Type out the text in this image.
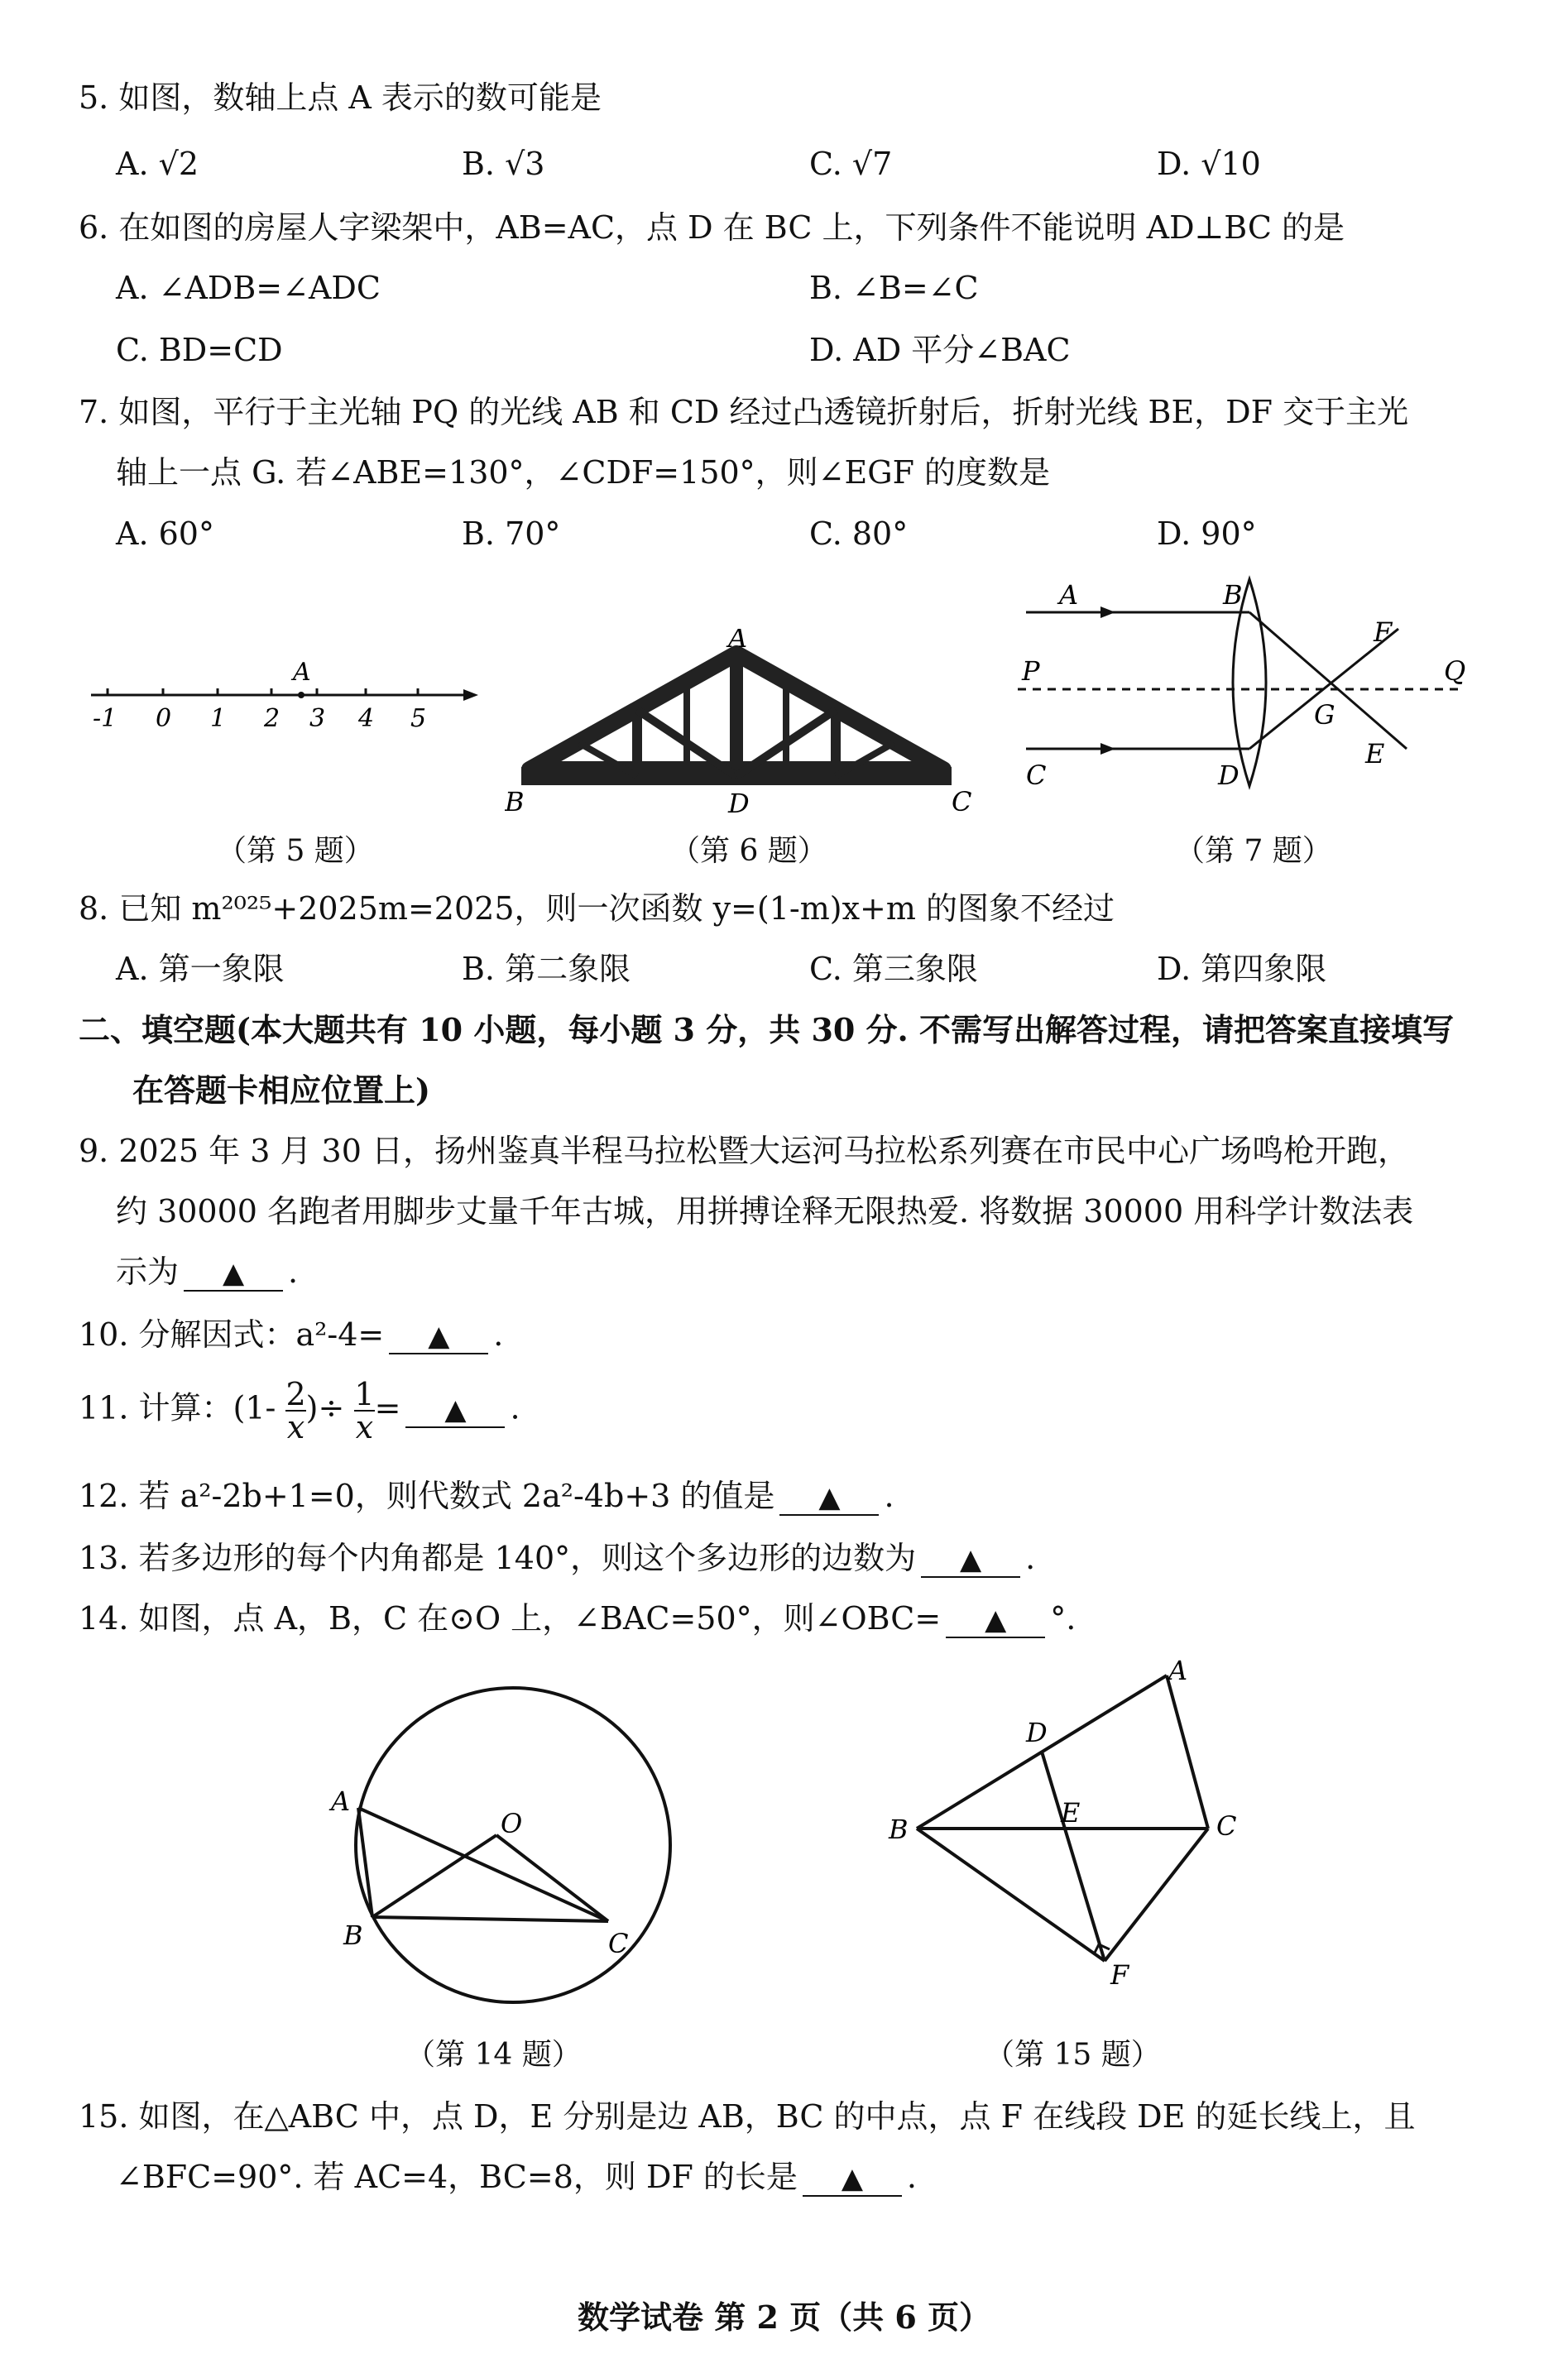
5. 如图，数轴上点 A 表示的数可能是
A. √2	B. √3	C. √7	D. √10
6. 在如图的房屋人字梁架中，AB=AC，点 D 在 BC 上，下列条件不能说明 AD⊥BC 的是
A. ∠ADB=∠ADC	B. ∠B=∠C
C. BD=CD	D. AD 平分∠BAC
7. 如图，平行于主光轴 PQ 的光线 AB 和 CD 经过凸透镜折射后，折射光线 BE，DF 交于主光
轴上一点 G. 若∠ABE=130°，∠CDF=150°，则∠EGF 的度数是
A. 60°	B. 70°	C. 80°	D. 90°
-1 0 1 2 3 4 5
A
（第 5 题）
A
B	C
D
（第 6 题）
A	B
P	Q
F
G
C	D
E
（第 7 题）
8. 已知 m²⁰²⁵+2025m=2025，则一次函数 y=(1-m)x+m 的图象不经过
A. 第一象限	B. 第二象限	C. 第三象限	D. 第四象限
二、填空题(本大题共有 10 小题，每小题 3 分，共 30 分. 不需写出解答过程，请把答案直接填写
在答题卡相应位置上)
9. 2025 年 3 月 30 日，扬州鉴真半程马拉松暨大运河马拉松系列赛在市民中心广场鸣枪开跑，
约 30000 名跑者用脚步丈量千年古城，用拼搏诠释无限热爱. 将数据 30000 用科学计数法表
示为 ▲ .
10. 分解因式：a²-4= ▲ .
11. 计算：($1- \frac{2}{x}$ )÷ $\frac{1}{x}$ = ▲ .
12. 若 a²-2b+1=0，则代数式 2a²-4b+3 的值是 ▲ .
13. 若多边形的每个内角都是 140°，则这个多边形的边数为 ▲ .
14. 如图，点 A，B，C 在⊙O 上，∠BAC=50°，则∠OBC= ▲ °.
A
O
B	C
（第 14 题）
A
D
B
E	C
F
（第 15 题）
15. 如图，在△ABC 中，点 D，E 分别是边 AB，BC 的中点，点 F 在线段 DE 的延长线上，且
∠BFC=90°. 若 AC=4，BC=8，则 DF 的长是 ▲ .
数学试卷 第 2 页（共 6 页）
